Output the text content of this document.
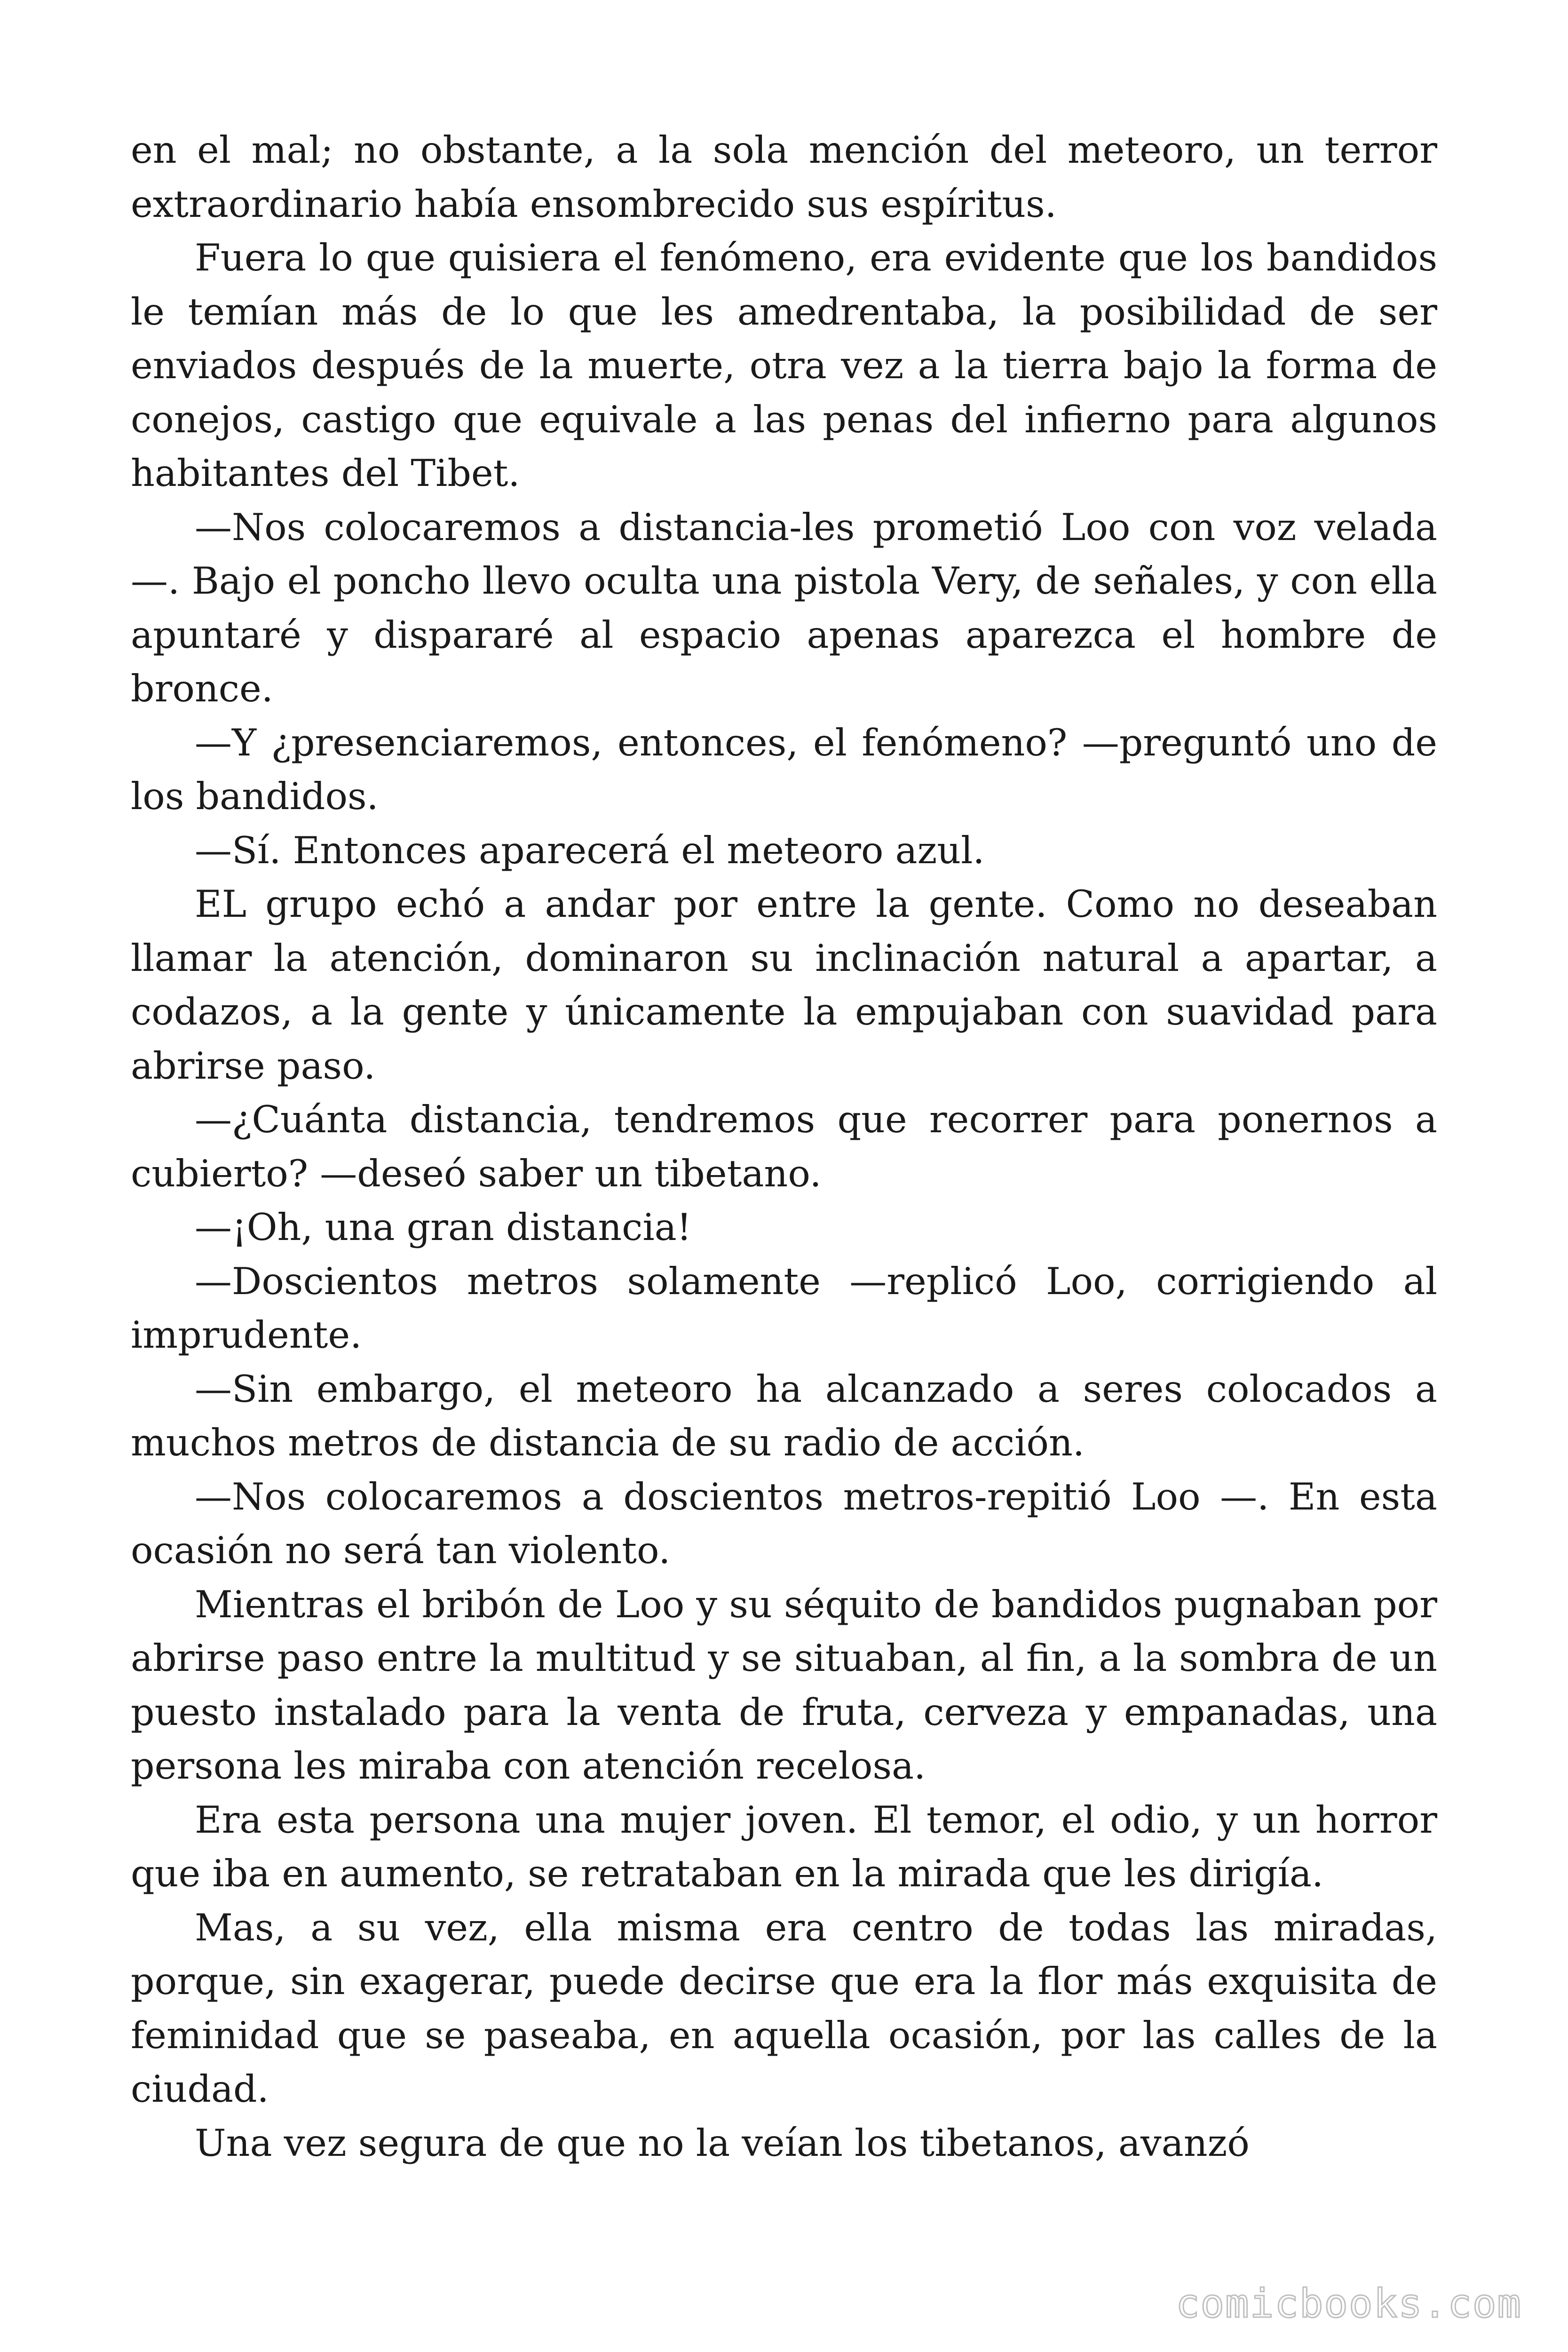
en el mal; no obstante, a la sola mención del meteoro, un terror extraordinario había ensombrecido sus espíritus.

Fuera lo que quisiera el fenómeno, era evidente que los bandidos le temían más de lo que les amedrentaba, la posibilidad de ser enviados después de la muerte, otra vez a la tierra bajo la forma de conejos, castigo que equivale a las penas del infierno para algunos habitantes del Tibet.

—Nos colocaremos a distancia-les prometió Loo con voz velada —. Bajo el poncho llevo oculta una pistola Very, de señales, y con ella apuntaré y dispararé al espacio apenas aparezca el hombre de bronce.

—Y ¿presenciaremos, entonces, el fenómeno? —preguntó uno de los bandidos.

—Sí. Entonces aparecerá el meteoro azul.

EL grupo echó a andar por entre la gente. Como no deseaban llamar la atención, dominaron su inclinación natural a apartar, a codazos, a la gente y únicamente la empujaban con suavidad para abrirse paso.

—¿Cuánta distancia, tendremos que recorrer para ponernos a cubierto? —deseó saber un tibetano.

—¡Oh, una gran distancia!

—Doscientos metros solamente —replicó Loo, corrigiendo al imprudente.

—Sin embargo, el meteoro ha alcanzado a seres colocados a muchos metros de distancia de su radio de acción.

—Nos colocaremos a doscientos metros-repitió Loo —. En esta ocasión no será tan violento.

Mientras el bribón de Loo y su séquito de bandidos pugnaban por abrirse paso entre la multitud y se situaban, al fin, a la sombra de un puesto instalado para la venta de fruta, cerveza y empanadas, una persona les miraba con atención recelosa.

Era esta persona una mujer joven. El temor, el odio, y un horror que iba en aumento, se retrataban en la mirada que les dirigía.

Mas, a su vez, ella misma era centro de todas las miradas, porque, sin exagerar, puede decirse que era la flor más exquisita de feminidad que se paseaba, en aquella ocasión, por las calles de la ciudad.

Una vez segura de que no la veían los tibetanos, avanzó

comicbooks.com
